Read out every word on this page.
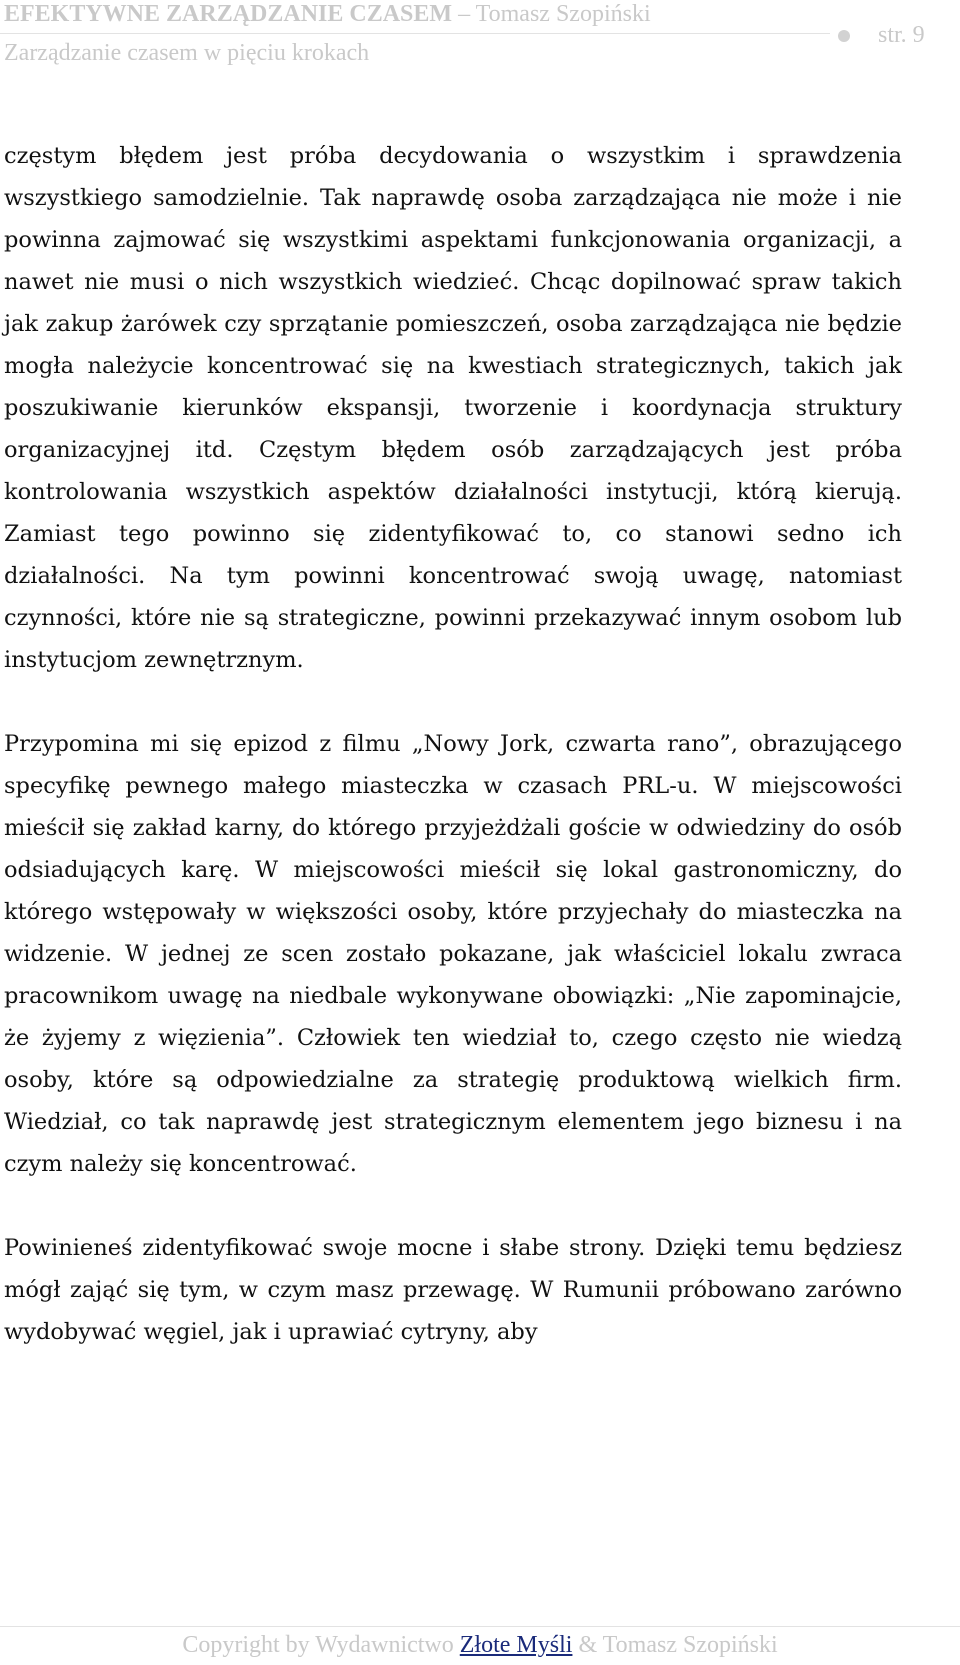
EFEKTYWNE ZARZĄDZANIE CZASEM – Tomasz Szopiński
Zarządzanie czasem w pięciu krokach
str. 9

częstym błędem jest próba decydowania o wszystkim i sprawdzenia wszystkiego samodzielnie. Tak naprawdę osoba zarządzająca nie może i nie powinna zajmować się wszystkimi aspektami funkcjonowania organizacji, a nawet nie musi o nich wszystkich wiedzieć. Chcąc dopilnować spraw takich jak zakup żarówek czy sprzątanie pomieszczeń, osoba zarządzająca nie będzie mogła należycie koncentrować się na kwestiach strategicznych, takich jak poszukiwanie kierunków ekspansji, tworzenie i koordynacja struktury organizacyjnej itd. Częstym błędem osób zarządzających jest próba kontrolowania wszystkich aspektów działalności instytucji, którą kierują. Zamiast tego powinno się zidentyfikować to, co stanowi sedno ich działalności. Na tym powinni koncentrować swoją uwagę, natomiast czynności, które nie są strategiczne, powinni przekazywać innym osobom lub instytucjom zewnętrznym.

Przypomina mi się epizod z filmu „Nowy Jork, czwarta rano”, obrazującego specyfikę pewnego małego miasteczka w czasach PRL-u. W miejscowości mieścił się zakład karny, do którego przyjeżdżali goście w odwiedziny do osób odsiadujących karę. W miejscowości mieścił się lokal gastronomiczny, do którego wstępowały w większości osoby, które przyjechały do miasteczka na widzenie. W jednej ze scen zostało pokazane, jak właściciel lokalu zwraca pracownikom uwagę na niedbale wykonywane obowiązki: „Nie zapominajcie, że żyjemy z więzienia”. Człowiek ten wiedział to, czego często nie wiedzą osoby, które są odpowiedzialne za strategię produktową wielkich firm. Wiedział, co tak naprawdę jest strategicznym elementem jego biznesu i na czym należy się koncentrować.

Powinieneś zidentyfikować swoje mocne i słabe strony. Dzięki temu będziesz mógł zająć się tym, w czym masz przewagę. W Rumunii próbowano zarówno wydobywać węgiel, jak i uprawiać cytryny, aby

Copyright by Wydawnictwo Złote Myśli & Tomasz Szopiński
